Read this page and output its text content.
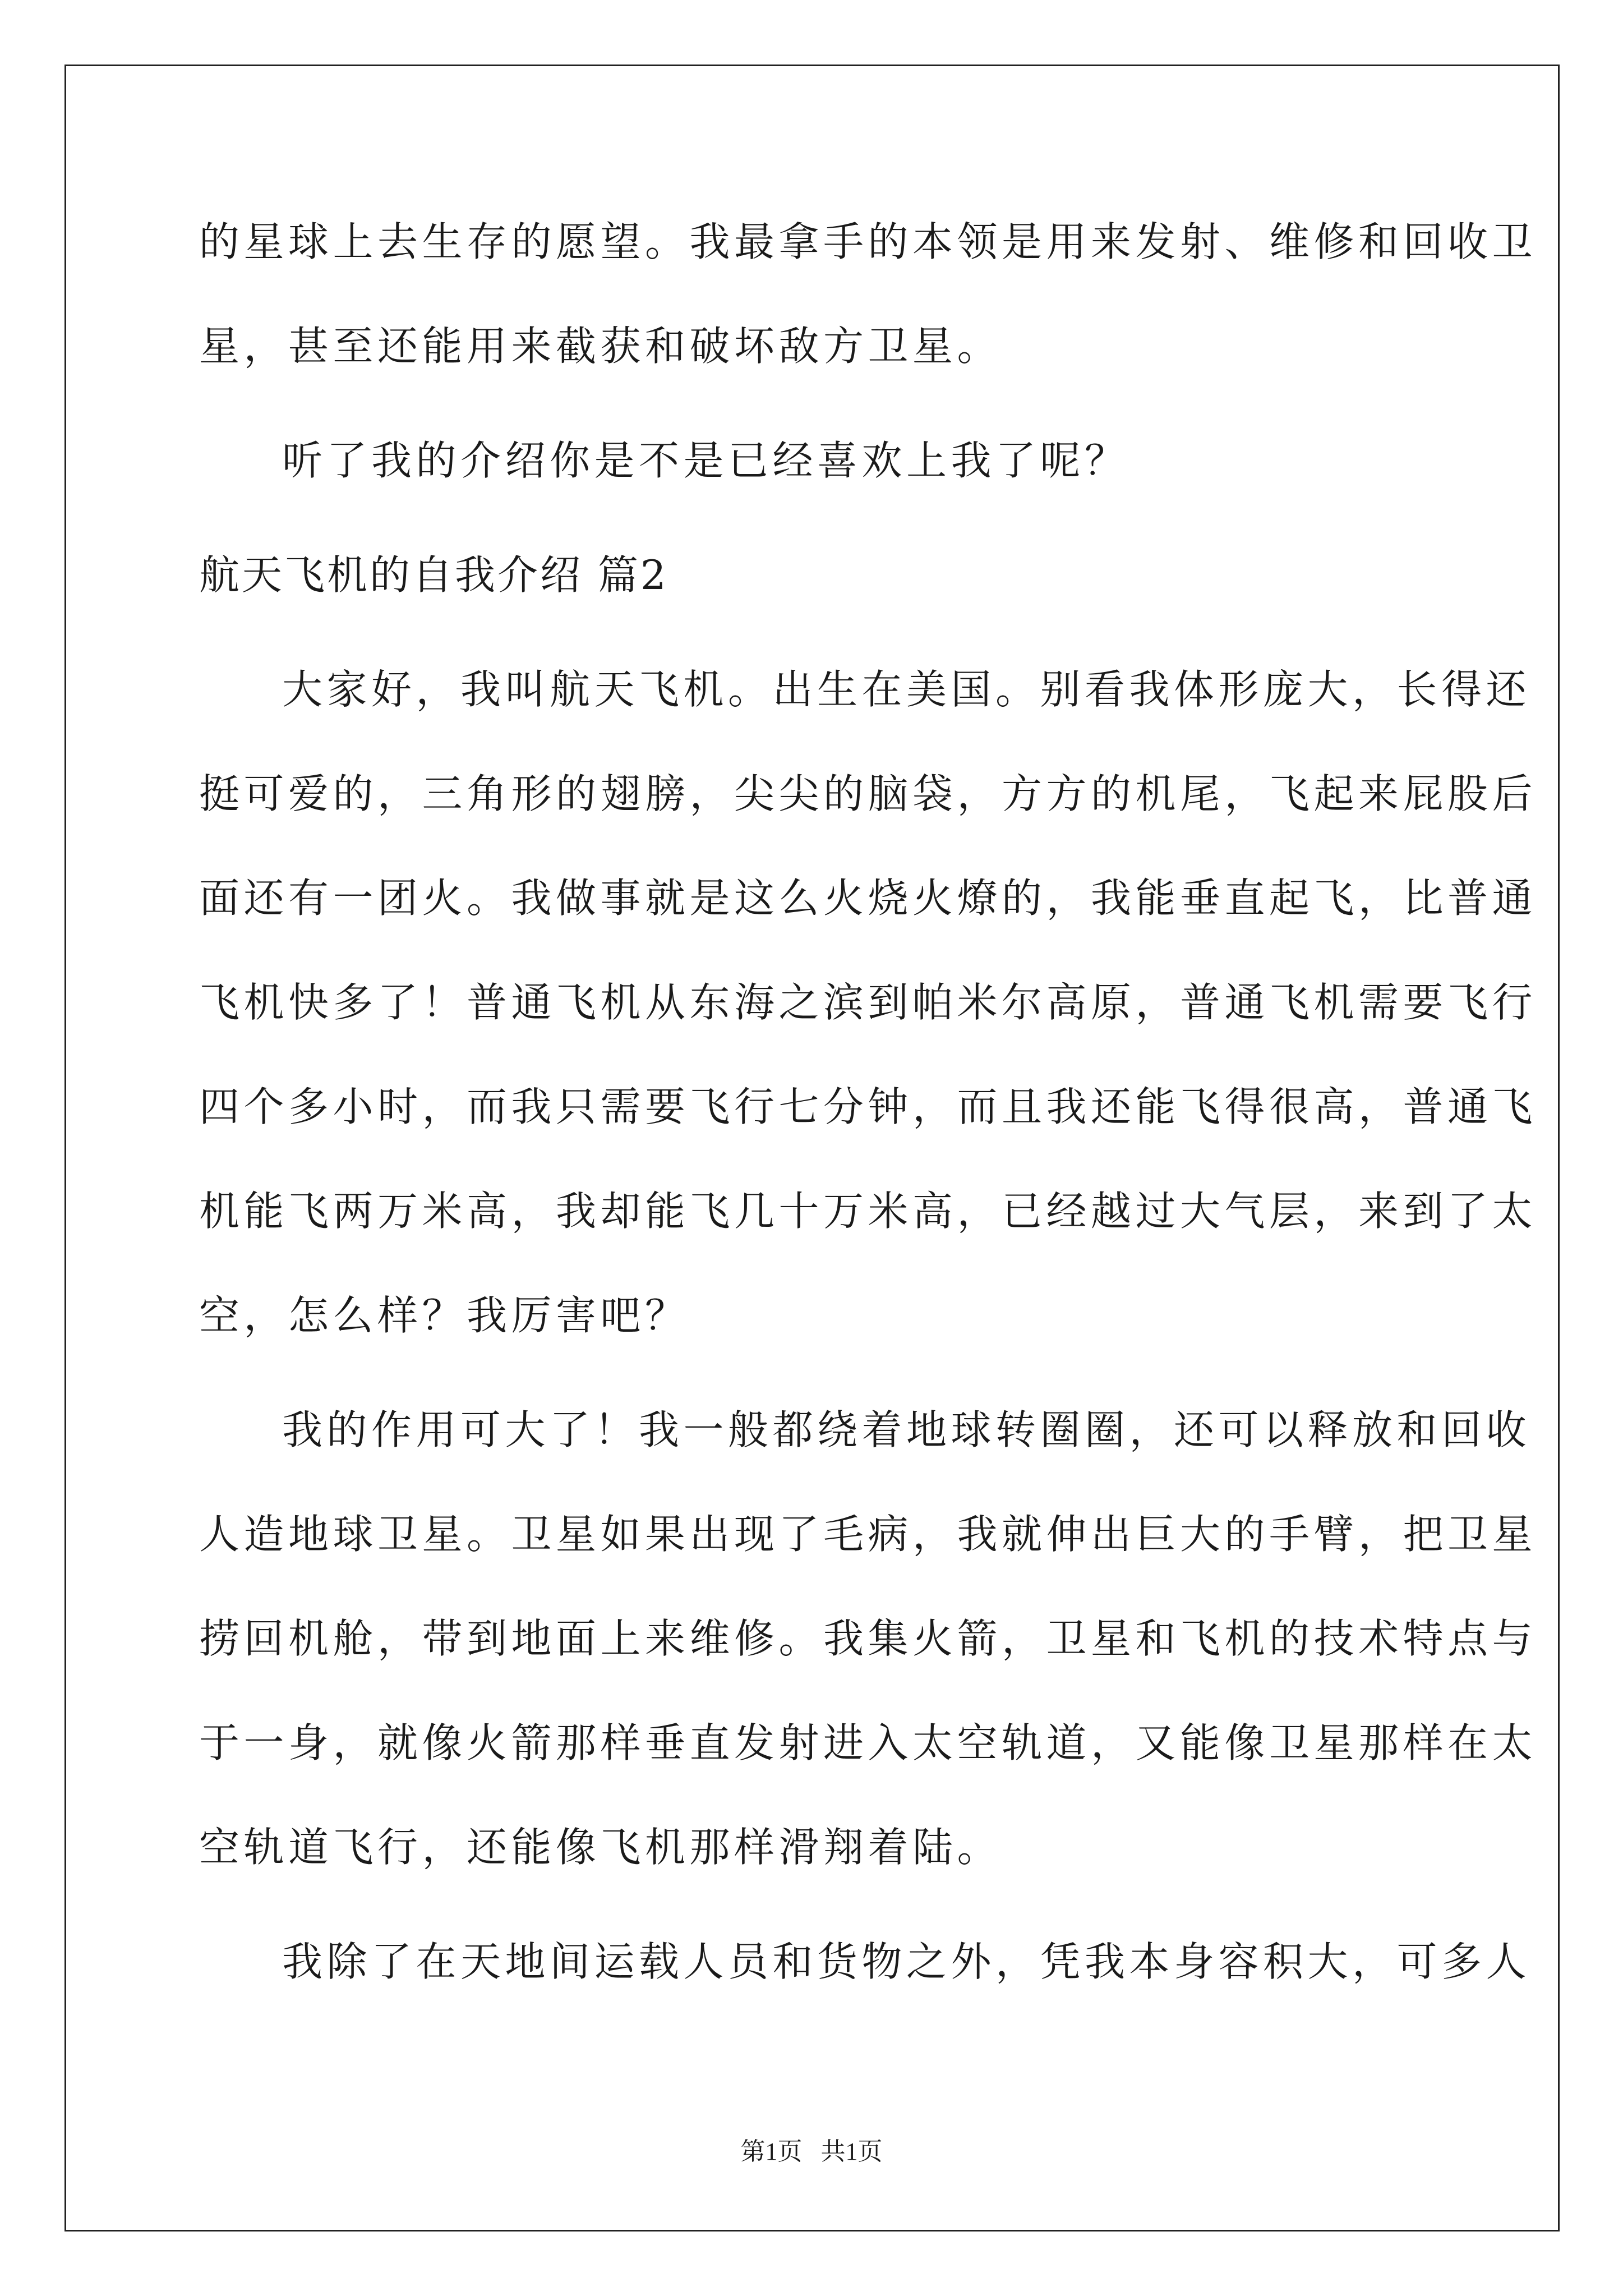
的星球上去生存的愿望。我最拿手的本领是用来发射、维修和回收卫
星，甚至还能用来截获和破坏敌方卫星。
听了我的介绍你是不是已经喜欢上我了呢？
航天飞机的自我介绍 篇2
大家好，我叫航天飞机。出生在美国。别看我体形庞大，长得还
挺可爱的，三角形的翅膀，尖尖的脑袋，方方的机尾，飞起来屁股后
面还有一团火。我做事就是这么火烧火燎的，我能垂直起飞，比普通
飞机快多了！普通飞机从东海之滨到帕米尔高原，普通飞机需要飞行
四个多小时，而我只需要飞行七分钟，而且我还能飞得很高，普通飞
机能飞两万米高，我却能飞几十万米高，已经越过大气层，来到了太
空，怎么样？我厉害吧？
我的作用可大了！我一般都绕着地球转圈圈，还可以释放和回收
人造地球卫星。卫星如果出现了毛病，我就伸出巨大的手臂，把卫星
捞回机舱，带到地面上来维修。我集火箭，卫星和飞机的技术特点与
于一身，就像火箭那样垂直发射进入太空轨道，又能像卫星那样在太
空轨道飞行，还能像飞机那样滑翔着陆。
我除了在天地间运载人员和货物之外，凭我本身容积大，可多人
第1页   共1页
